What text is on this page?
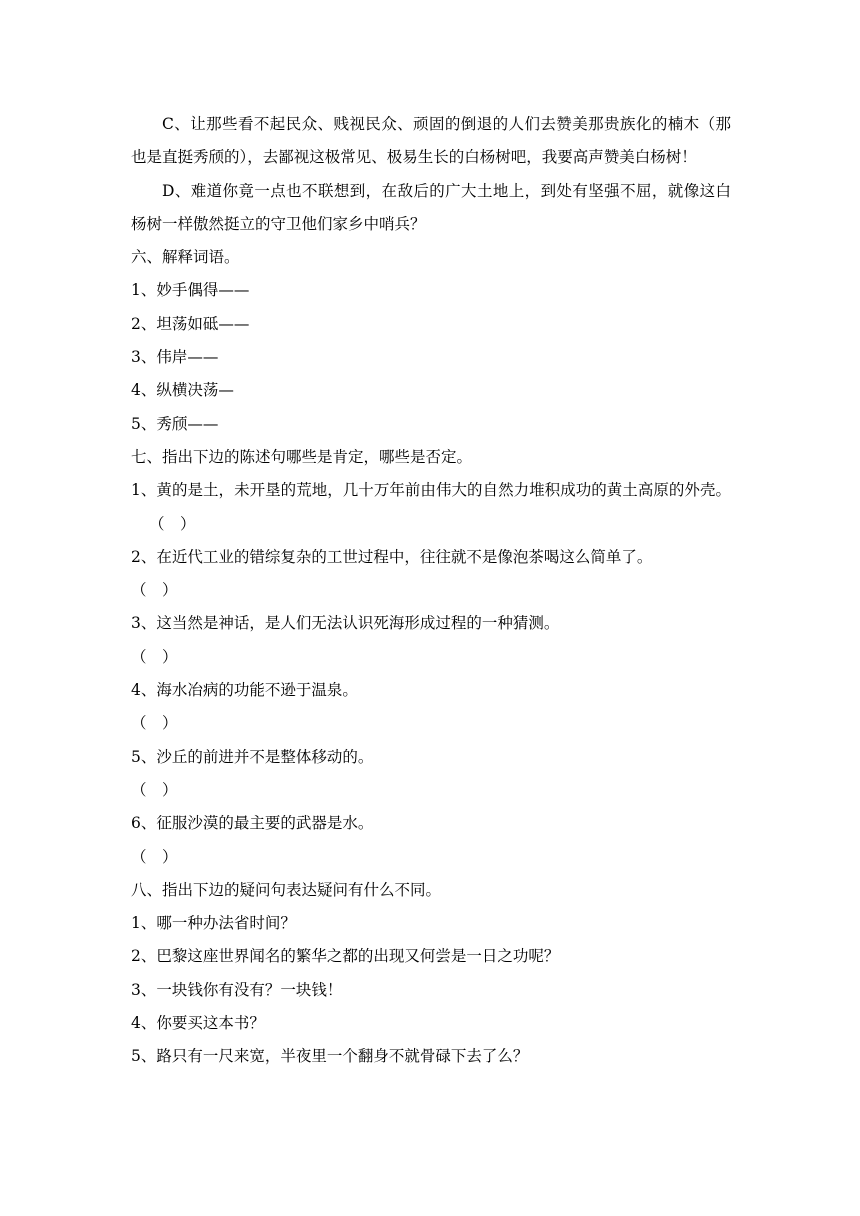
C、让那些看不起民众、贱视民众、顽固的倒退的人们去赞美那贵族化的楠木（那也是直挺秀颀的），去鄙视这极常见、极易生长的白杨树吧，我要高声赞美白杨树！

D、难道你竟一点也不联想到，在敌后的广大土地上，到处有坚强不屈，就像这白杨树一样傲然挺立的守卫他们家乡中哨兵？

六、解释词语。

1、妙手偶得——

2、坦荡如砥——

3、伟岸——

4、纵横决荡—

5、秀颀——

七、指出下边的陈述句哪些是肯定，哪些是否定。

1、黄的是土，未开垦的荒地，几十万年前由伟大的自然力堆积成功的黄土高原的外壳。（　）

2、在近代工业的错综复杂的工世过程中，往往就不是像泡茶喝这么简单了。

（　）

3、这当然是神话，是人们无法认识死海形成过程的一种猜测。

（　）

4、海水冶病的功能不逊于温泉。

（　）

5、沙丘的前进并不是整体移动的。

（　）

6、征服沙漠的最主要的武器是水。

（　）

八、指出下边的疑问句表达疑问有什么不同。

1、哪一种办法省时间？

2、巴黎这座世界闻名的繁华之都的出现又何尝是一日之功呢？

3、一块钱你有没有？一块钱！

4、你要买这本书？

5、路只有一尺来宽，半夜里一个翻身不就骨碌下去了么？
